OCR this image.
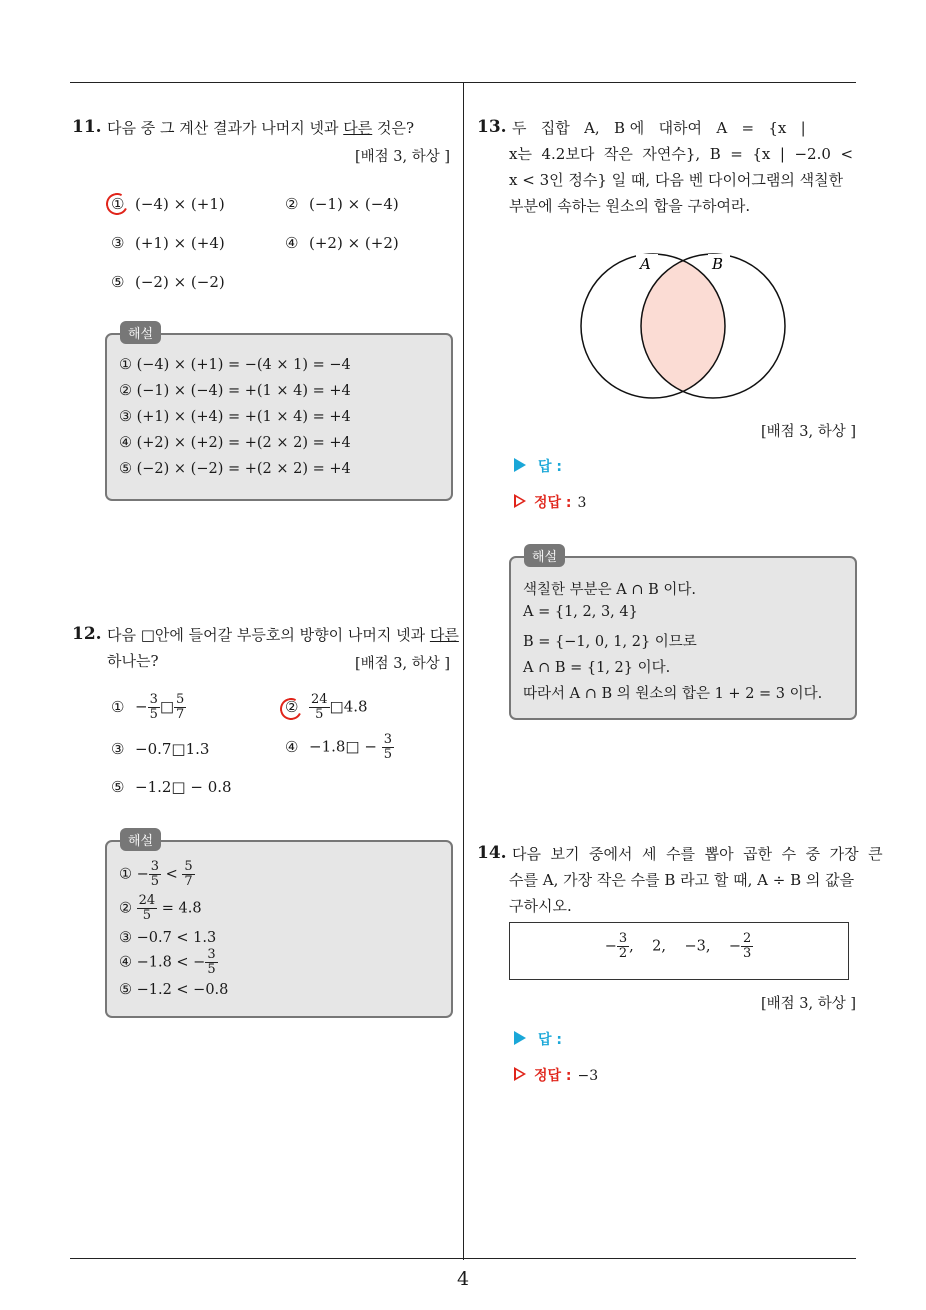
4
11. 다음 중 그 계산 결과가 나머지 넷과 다른 것은?
[배점 3, 하상 ]
① (−4) × (+1)	② (−1) × (−4)
③ (+1) × (+4)	④ (+2) × (+2)
⑤ (−2) × (−2)
① (−4) × (+1) = −(4 × 1) = −4
② (−1) × (−4) = +(1 × 4) = +4
③ (+1) × (+4) = +(1 × 4) = +4
④ (+2) × (+2) = +(2 × 2) = +4
⑤ (−2) × (−2) = +(2 × 2) = +4
해설
12. 다음 □안에 들어갈 부등호의 방향이 나머지 넷과 다른
하나는?	[배점 3, 하상 ]
① − $\frac{3}{5}$ □ $\frac{5}{7}$	② $\frac{24}{5}$ □4.8
③ −0.7□1.3	④ −1.8□ − $\frac{3}{5}$
⑤ −1.2□ − 0.8
① − $\frac{3}{5} < \frac{5}{7}$
② $\frac{24}{5} = 4.8$
③ −0.7 < 1.3
④ −1.8 < − $\frac{3}{5}$
⑤ −1.2 < −0.8
해설
13. 두   집합   A,   B 에   대하여   A   =   {x   |
x는  4.2보다  작은  자연수},  B  =  {x  |  −2.0  <
x < 3인 정수} 일 때, 다음 벤 다이어그램의 색칠한
부분에 속하는 원소의 합을 구하여라.
A	B
[배점 3, 하상 ]
답 :
정답 : 3
색칠한 부분은 A ∩ B 이다.
A = {1, 2, 3, 4}
B = {−1, 0, 1, 2} 이므로
A ∩ B = {1, 2} 이다.
따라서 A ∩ B 의 원소의 합은 1 + 2 = 3 이다.
해설
14. 다음  보기  중에서  세  수를  뽑아  곱한  수  중  가장  큰
수를 A, 가장 작은 수를 B 라고 할 때, A ÷ B 의 값을
구하시오.
− $\frac{3}{2}$ ,    2,    −3,    − $\frac{2}{3}$
[배점 3, 하상 ]
답 :
정답 : −3
